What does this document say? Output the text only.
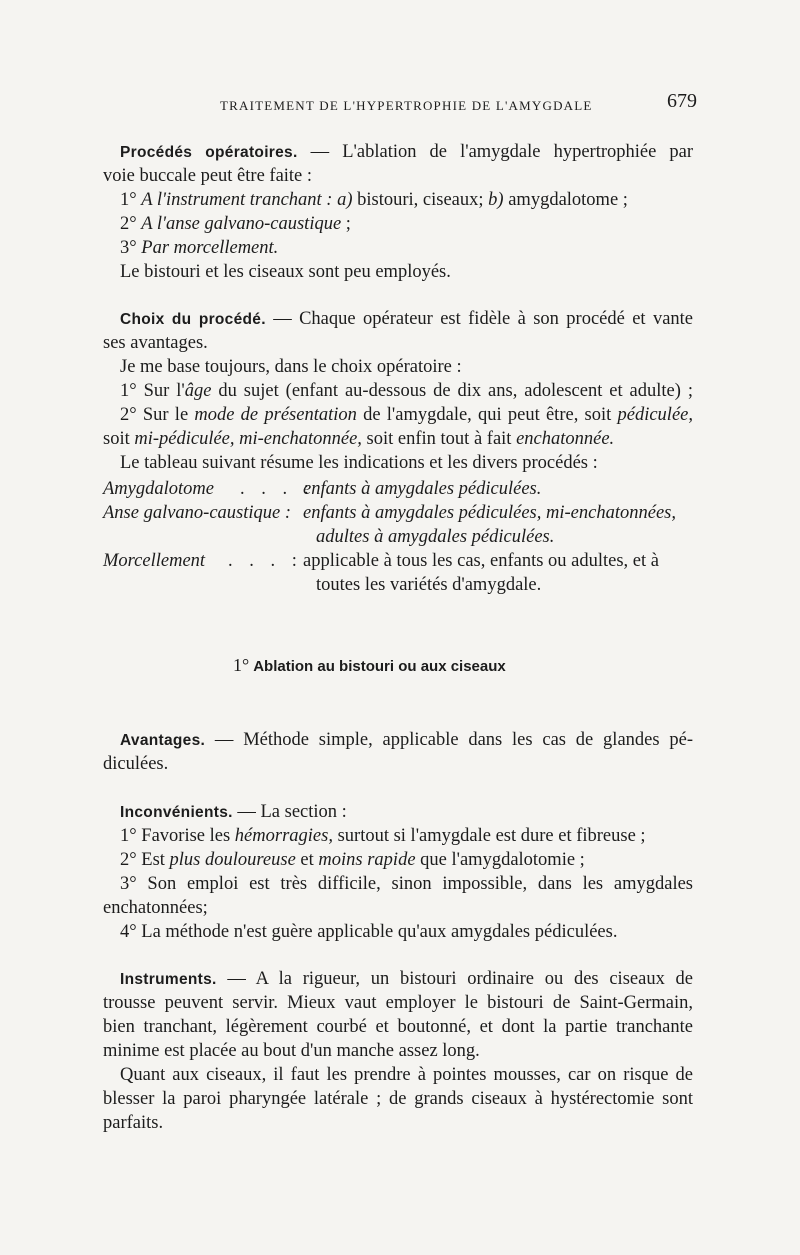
TRAITEMENT DE L'HYPERTROPHIE DE L'AMYGDALE	679
Procédés opératoires. — L'ablation de l'amygdale hypertrophiée par
voie buccale peut être faite :
1° A l'instrument tranchant : a) bistouri, ciseaux; b) amygdalotome ;
2° A l'anse galvano-caustique ;
3° Par morcellement.
Le bistouri et les ciseaux sont peu employés.
Choix du procédé. — Chaque opérateur est fidèle à son procédé et vante
ses avantages.
Je me base toujours, dans le choix opératoire :
1° Sur l'âge du sujet (enfant au-dessous de dix ans, adolescent et adulte) ;
2° Sur le mode de présentation de l'amygdale, qui peut être, soit pédiculée,
soit mi-pédiculée, mi-enchatonnée, soit enfin tout à fait enchatonnée.
Le tableau suivant résume les indications et les divers procédés :
Amygdalotome . . . :
enfants à amygdales pédiculées.
Anse galvano-caustique : enfants à amygdales pédiculées, mi-enchatonnées,
adultes à amygdales pédiculées.
Morcellement . . . : applicable à tous les cas, enfants ou adultes, et à
toutes les variétés d'amygdale.
1° Ablation au bistouri ou aux ciseaux
Avantages. — Méthode simple, applicable dans les cas de glandes pé-
diculées.
Inconvénients. — La section :
1° Favorise les hémorragies, surtout si l'amygdale est dure et fibreuse ;
2° Est plus douloureuse et moins rapide que l'amygdalotomie ;
3° Son emploi est très difficile, sinon impossible, dans les amygdales
enchatonnées;
4° La méthode n'est guère applicable qu'aux amygdales pédiculées.
Instruments. — A la rigueur, un bistouri ordinaire ou des ciseaux de
trousse peuvent servir. Mieux vaut employer le bistouri de Saint-Germain,
bien tranchant, légèrement courbé et boutonné, et dont la partie tranchante
minime est placée au bout d'un manche assez long.
Quant aux ciseaux, il faut les prendre à pointes mousses, car on risque de
blesser la paroi pharyngée latérale ; de grands ciseaux à hystérectomie sont
parfaits.
